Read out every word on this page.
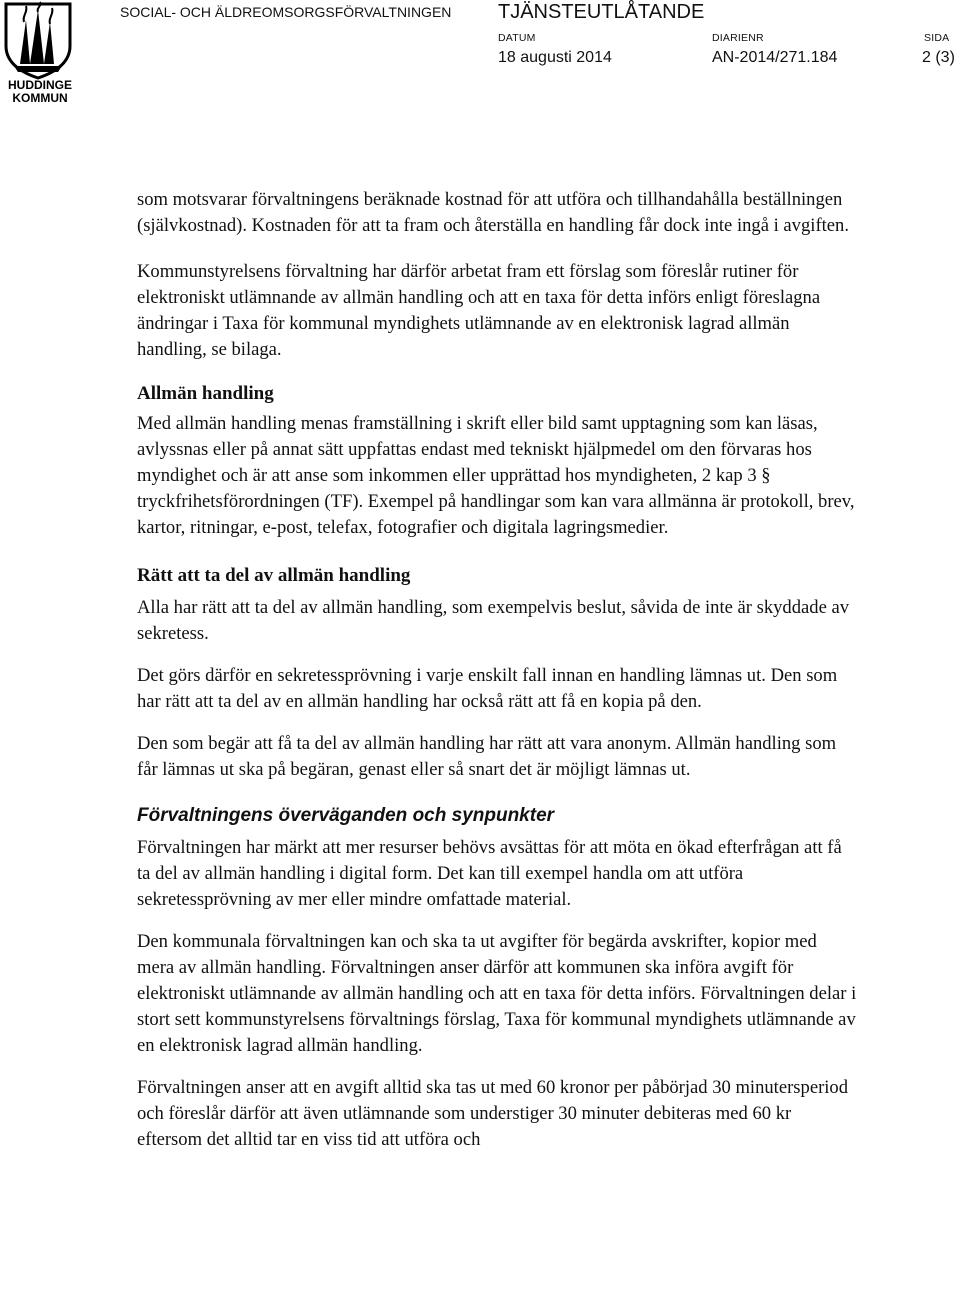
HUDDINGE
KOMMUN
SOCIAL- OCH ÄLDREOMSORGSFÖRVALTNINGEN TJÄNSTEUTLÅTANDE
DATUM
18 augusti 2014
DIARIENR
AN-2014/271.184
SIDA
2 (3)

som motsvarar förvaltningens beräknade kostnad för att utföra och tillhandahålla beställningen (självkostnad). Kostnaden för att ta fram och återställa en handling får dock inte ingå i avgiften.

Kommunstyrelsens förvaltning har därför arbetat fram ett förslag som föreslår rutiner för elektroniskt utlämnande av allmän handling och att en taxa för detta införs enligt föreslagna ändringar i Taxa för kommunal myndighets utlämnande av en elektronisk lagrad allmän handling, se bilaga.

Allmän handling

Med allmän handling menas framställning i skrift eller bild samt upptagning som kan läsas, avlyssnas eller på annat sätt uppfattas endast med tekniskt hjälpmedel om den förvaras hos myndighet och är att anse som inkommen eller upprättad hos myndigheten, 2 kap 3 § tryckfrihetsförordningen (TF). Exempel på handlingar som kan vara allmänna är protokoll, brev, kartor, ritningar, e-post, telefax, fotografier och digitala lagringsmedier.

Rätt att ta del av allmän handling

Alla har rätt att ta del av allmän handling, som exempelvis beslut, såvida de inte är skyddade av sekretess.

Det görs därför en sekretessprövning i varje enskilt fall innan en handling lämnas ut. Den som har rätt att ta del av en allmän handling har också rätt att få en kopia på den.

Den som begär att få ta del av allmän handling har rätt att vara anonym. Allmän handling som får lämnas ut ska på begäran, genast eller så snart det är möjligt lämnas ut.

Förvaltningens överväganden och synpunkter

Förvaltningen har märkt att mer resurser behövs avsättas för att möta en ökad efterfrågan att få ta del av allmän handling i digital form. Det kan till exempel handla om att utföra sekretessprövning av mer eller mindre omfattade material.

Den kommunala förvaltningen kan och ska ta ut avgifter för begärda avskrifter, kopior med mera av allmän handling. Förvaltningen anser därför att kommunen ska införa avgift för elektroniskt utlämnande av allmän handling och att en taxa för detta införs. Förvaltningen delar i stort sett kommunstyrelsens förvaltnings förslag, Taxa för kommunal myndighets utlämnande av en elektronisk lagrad allmän handling.

Förvaltningen anser att en avgift alltid ska tas ut med 60 kronor per påbörjad 30 minutersperiod och föreslår därför att även utlämnande som understiger 30 minuter debiteras med 60 kr eftersom det alltid tar en viss tid att utföra och
